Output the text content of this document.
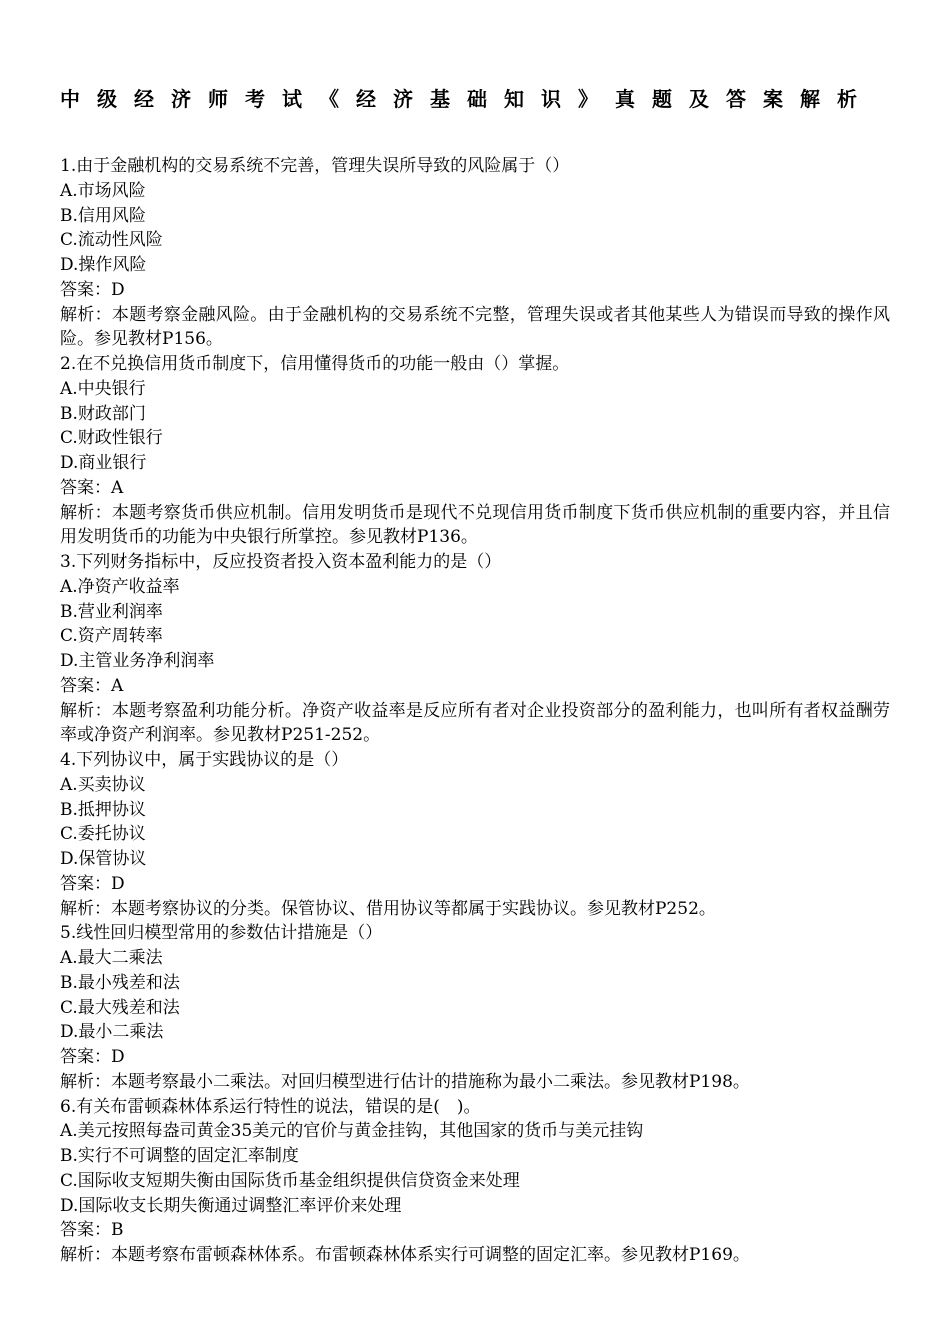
中级经济师考试《经济基础知识》真题及答案解析
1.由于金融机构的交易系统不完善，管理失误所导致的风险属于（）
A.市场风险
B.信用风险
C.流动性风险
D.操作风险
答案：D
解析：本题考察金融风险。由于金融机构的交易系统不完整，管理失误或者其他某些人为错误而导致的操作风险。参见教材P156。
2.在不兑换信用货币制度下，信用懂得货币的功能一般由（）掌握。
A.中央银行
B.财政部门
C.财政性银行
D.商业银行
答案：A
解析：本题考察货币供应机制。信用发明货币是现代不兑现信用货币制度下货币供应机制的重要内容，并且信用发明货币的功能为中央银行所掌控。参见教材P136。
3.下列财务指标中，反应投资者投入资本盈利能力的是（）
A.净资产收益率
B.营业利润率
C.资产周转率
D.主管业务净利润率
答案：A
解析：本题考察盈利功能分析。净资产收益率是反应所有者对企业投资部分的盈利能力，也叫所有者权益酬劳率或净资产利润率。参见教材P251-252。
4.下列协议中，属于实践协议的是（）
A.买卖协议
B.抵押协议
C.委托协议
D.保管协议
答案：D
解析：本题考察协议的分类。保管协议、借用协议等都属于实践协议。参见教材P252。
5.线性回归模型常用的参数估计措施是（）
A.最大二乘法
B.最小残差和法
C.最大残差和法
D.最小二乘法
答案：D
解析：本题考察最小二乘法。对回归模型进行估计的措施称为最小二乘法。参见教材P198。
6.有关布雷顿森林体系运行特性的说法，错误的是(　)。
A.美元按照每盎司黄金35美元的官价与黄金挂钩，其他国家的货币与美元挂钩
B.实行不可调整的固定汇率制度
C.国际收支短期失衡由国际货币基金组织提供信贷资金来处理
D.国际收支长期失衡通过调整汇率评价来处理
答案：B
解析：本题考察布雷顿森林体系。布雷顿森林体系实行可调整的固定汇率。参见教材P169。
